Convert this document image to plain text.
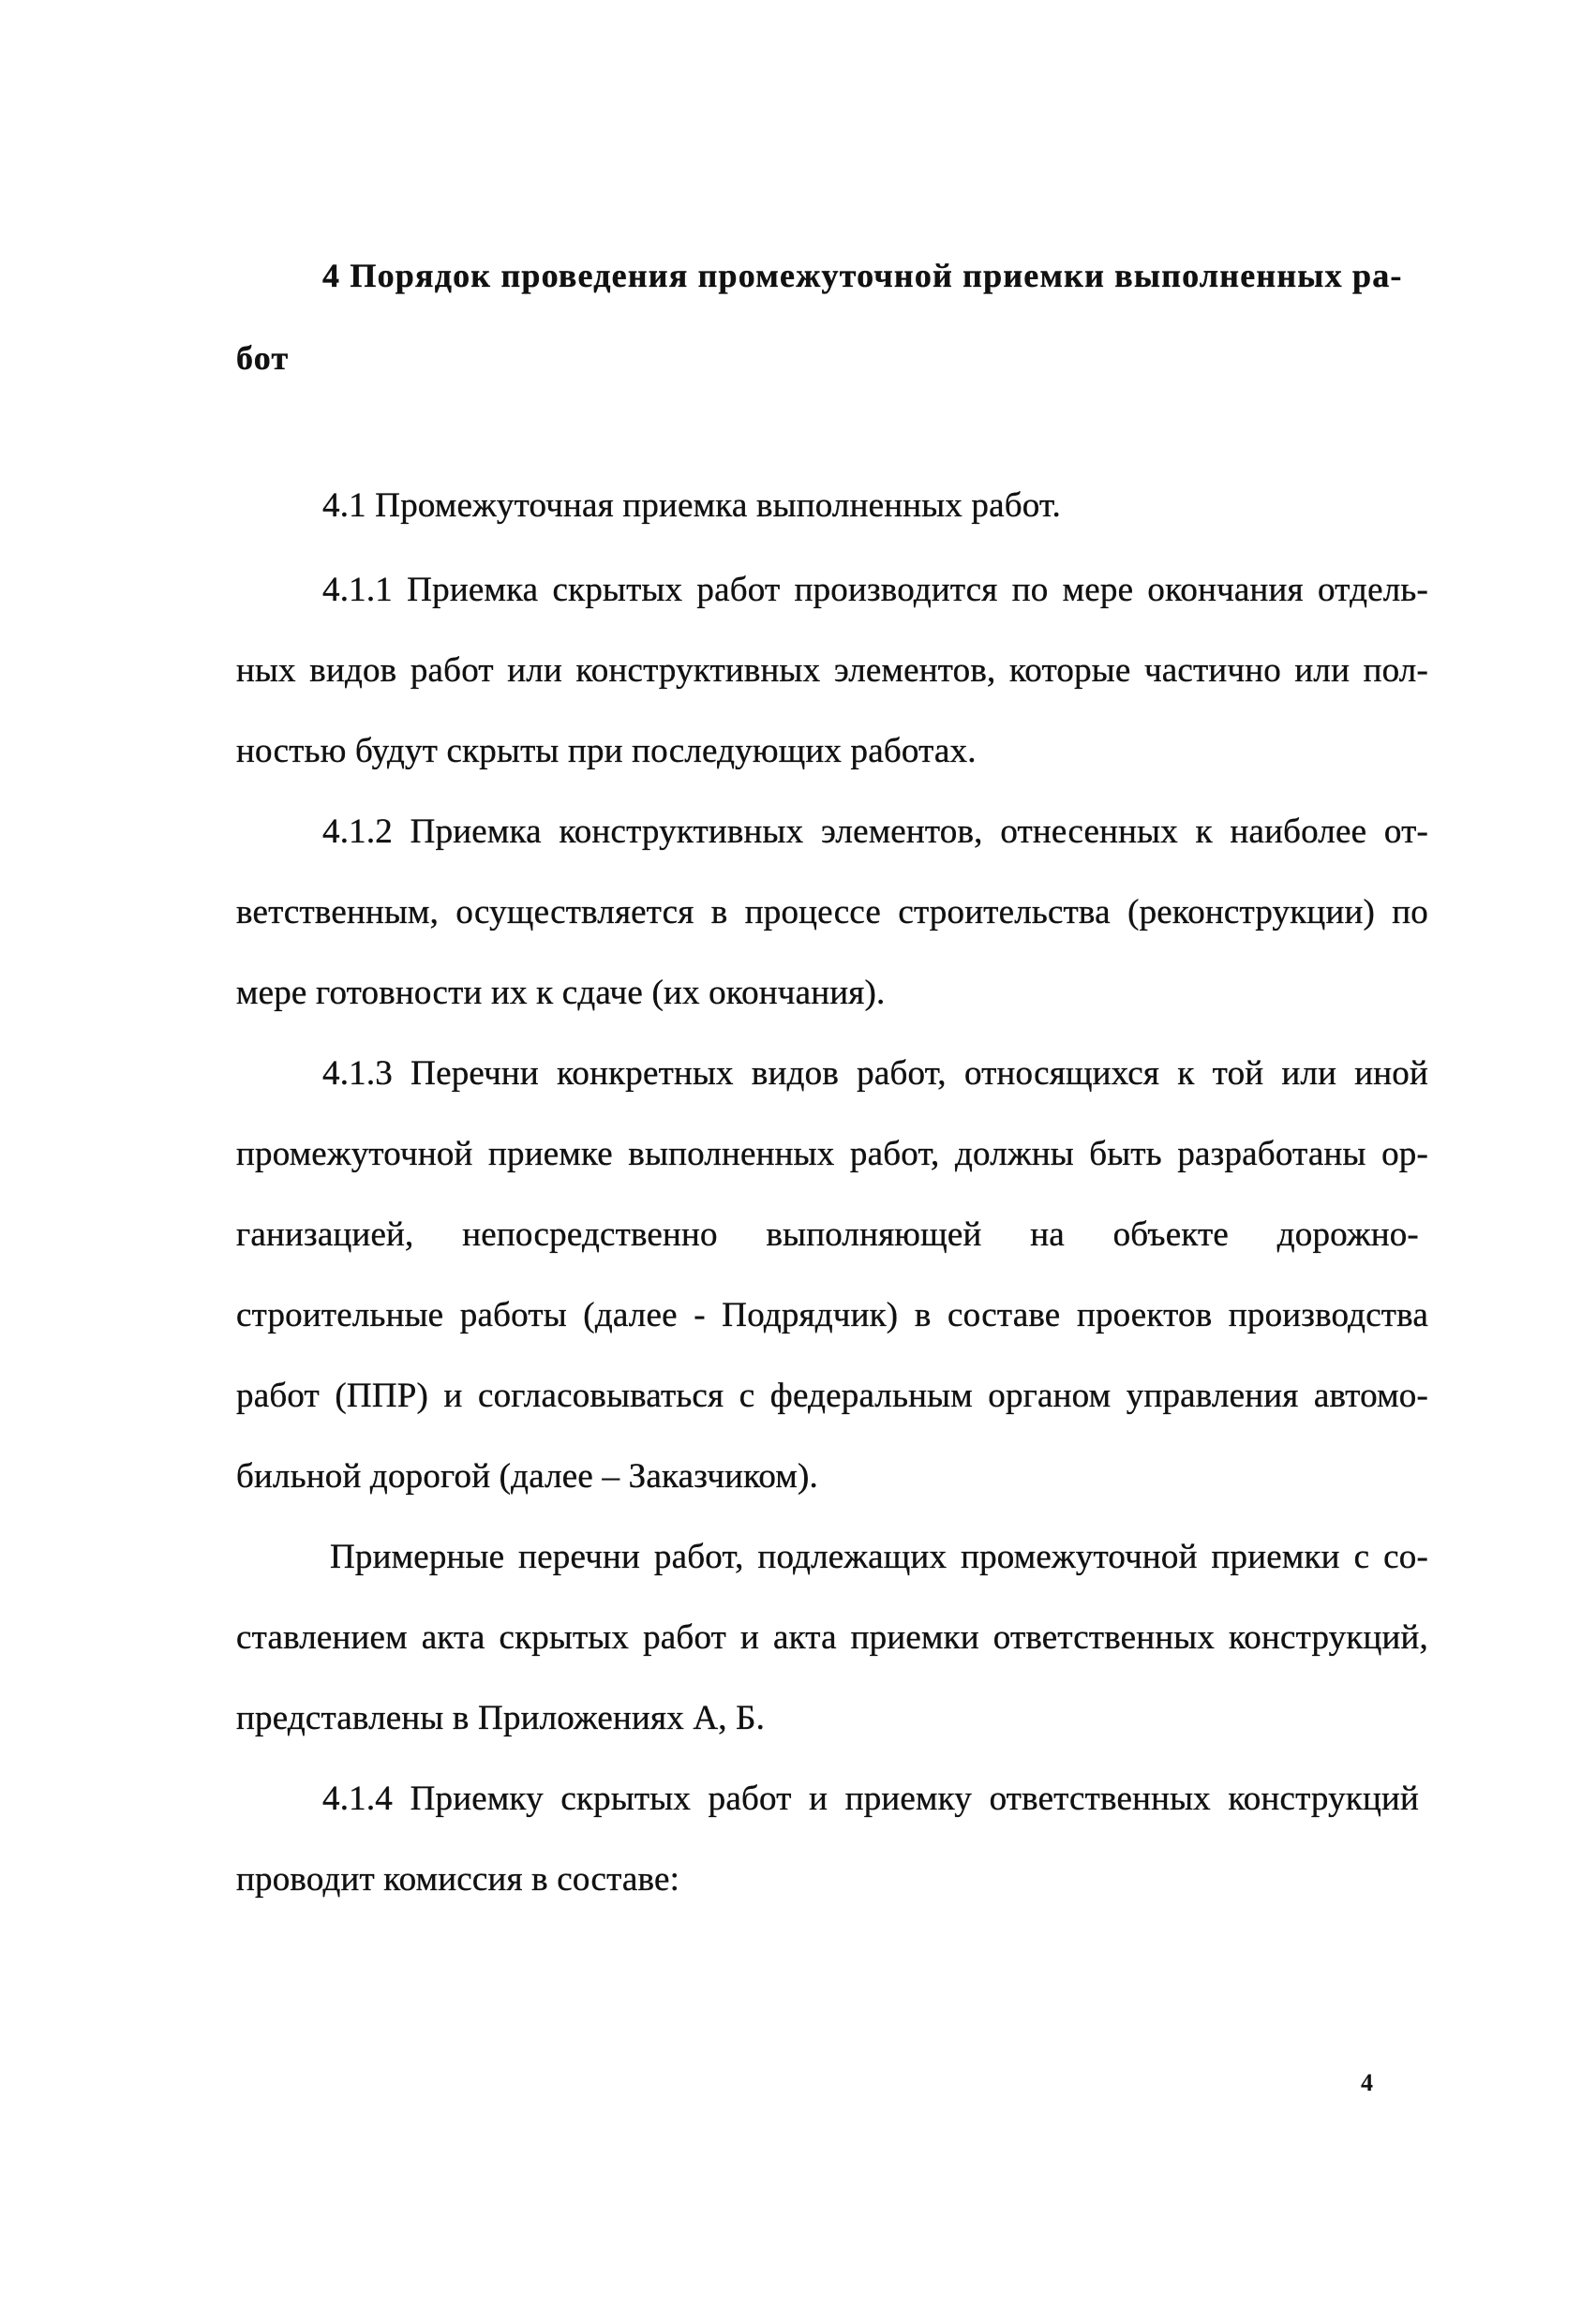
4 Порядок проведения промежуточной приемки выполненных ра-
бот
4.1 Промежуточная приемка выполненных работ.
4.1.1 Приемка скрытых работ производится по мере окончания отдель-
ных видов работ или конструктивных элементов, которые частично или пол-
ностью будут скрыты при последующих работах.
4.1.2 Приемка конструктивных элементов, отнесенных к наиболее от-
ветственным, осуществляется в процессе строительства (реконструкции) по
мере готовности их к сдаче (их окончания).
4.1.3 Перечни конкретных видов работ, относящихся к той или иной
промежуточной приемке выполненных работ, должны быть разработаны ор-
ганизацией, непосредственно выполняющей на объекте дорожно-
строительные работы (далее - Подрядчик) в составе проектов производства
работ (ППР) и согласовываться с федеральным органом управления автомо-
бильной дорогой (далее – Заказчиком).
Примерные перечни работ, подлежащих промежуточной приемки с со-
ставлением акта скрытых работ и акта приемки ответственных конструкций,
представлены в Приложениях А, Б.
4.1.4 Приемку скрытых работ и приемку ответственных конструкций
проводит комиссия в составе:
4
